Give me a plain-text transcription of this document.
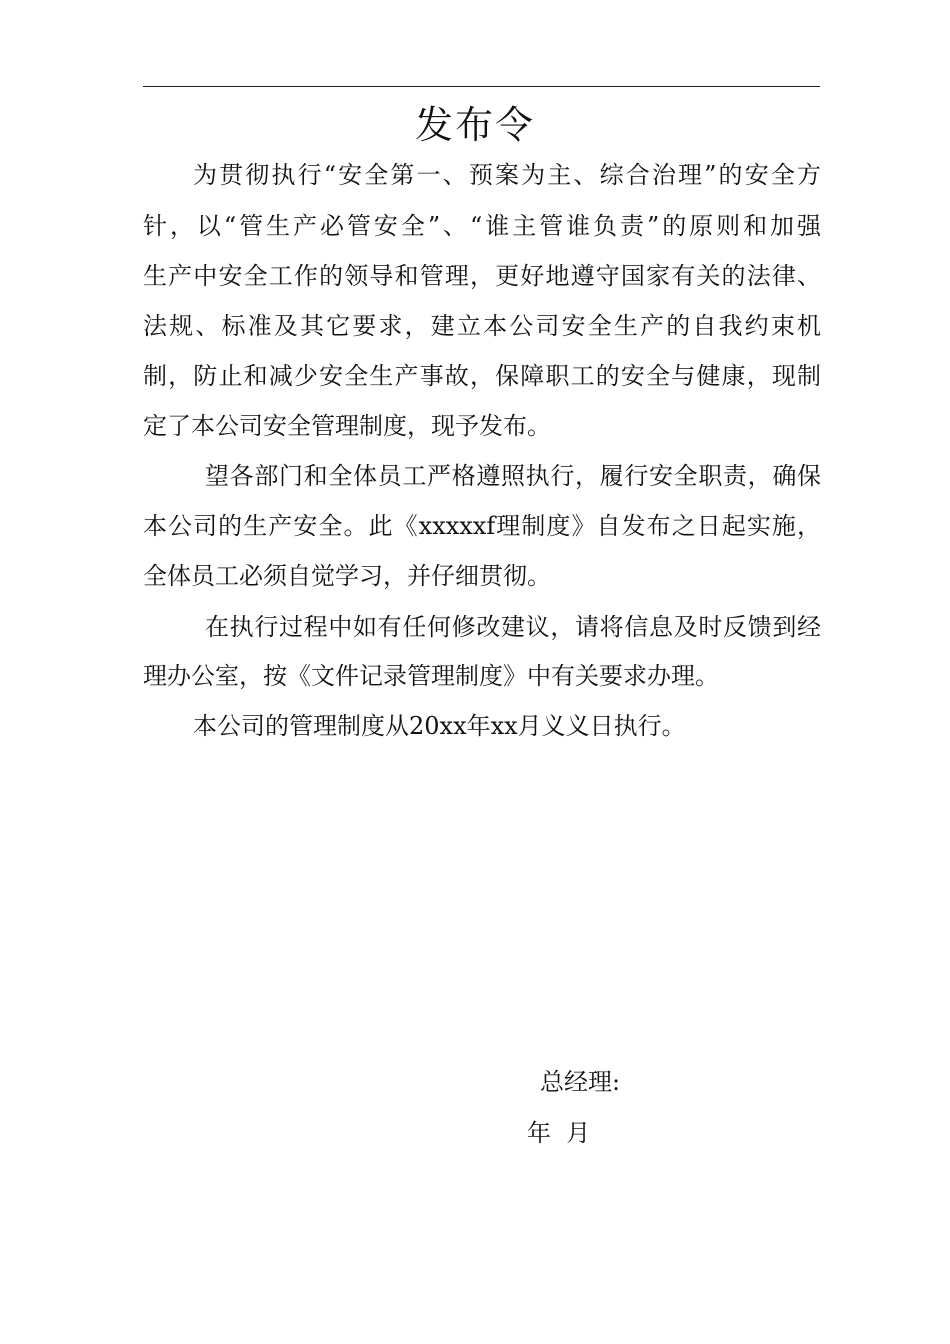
发布令
为贯彻执行“安全第一、预案为主、综合治理”的安全方
针，以“管生产必管安全”、“谁主管谁负责”的原则和加强
生产中安全工作的领导和管理，更好地遵守国家有关的法律、
法规、标准及其它要求，建立本公司安全生产的自我约束机
制，防止和减少安全生产事故，保障职工的安全与健康，现制
定了本公司安全管理制度，现予发布。
望各部门和全体员工严格遵照执行，履行安全职责，确保
本公司的生产安全。此《xxxxxf理制度》自发布之日起实施，
全体员工必须自觉学习，并仔细贯彻。
在执行过程中如有任何修改建议，请将信息及时反馈到经
理办公室，按《文件记录管理制度》中有关要求办理。
本公司的管理制度从20xx年xx月义义日执行。
总经理:
年  月
